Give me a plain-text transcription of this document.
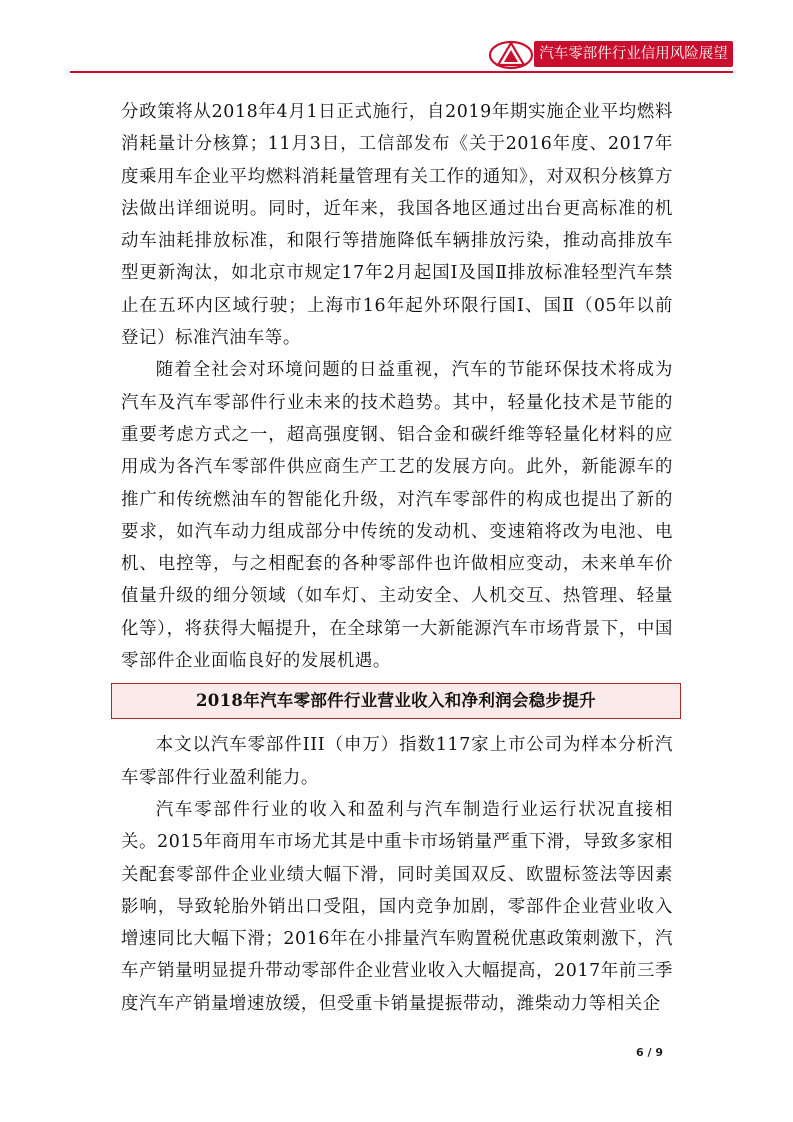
汽车零部件行业信用风险展望

分政策将从2018年4月1日正式施行，自2019年期实施企业平均燃料消耗量计分核算；11月3日，工信部发布《关于2016年度、2017年度乘用车企业平均燃料消耗量管理有关工作的通知》，对双积分核算方法做出详细说明。同时，近年来，我国各地区通过出台更高标准的机动车油耗排放标准，和限行等措施降低车辆排放污染，推动高排放车型更新淘汰，如北京市规定17年2月起国Ⅰ及国Ⅱ排放标准轻型汽车禁止在五环内区域行驶；上海市16年起外环限行国Ⅰ、国Ⅱ（05年以前登记）标准汽油车等。

随着全社会对环境问题的日益重视，汽车的节能环保技术将成为汽车及汽车零部件行业未来的技术趋势。其中，轻量化技术是节能的重要考虑方式之一，超高强度钢、铝合金和碳纤维等轻量化材料的应用成为各汽车零部件供应商生产工艺的发展方向。此外，新能源车的推广和传统燃油车的智能化升级，对汽车零部件的构成也提出了新的要求，如汽车动力组成部分中传统的发动机、变速箱将改为电池、电机、电控等，与之相配套的各种零部件也许做相应变动，未来单车价值量升级的细分领域（如车灯、主动安全、人机交互、热管理、轻量化等），将获得大幅提升，在全球第一大新能源汽车市场背景下，中国零部件企业面临良好的发展机遇。

2018年汽车零部件行业营业收入和净利润会稳步提升

本文以汽车零部件III（申万）指数117家上市公司为样本分析汽车零部件行业盈利能力。

汽车零部件行业的收入和盈利与汽车制造行业运行状况直接相关。2015年商用车市场尤其是中重卡市场销量严重下滑，导致多家相关配套零部件企业业绩大幅下滑，同时美国双反、欧盟标签法等因素影响，导致轮胎外销出口受阻，国内竞争加剧，零部件企业营业收入增速同比大幅下滑；2016年在小排量汽车购置税优惠政策刺激下，汽车产销量明显提升带动零部件企业营业收入大幅提高，2017年前三季度汽车产销量增速放缓，但受重卡销量提振带动，潍柴动力等相关企

6 / 9
